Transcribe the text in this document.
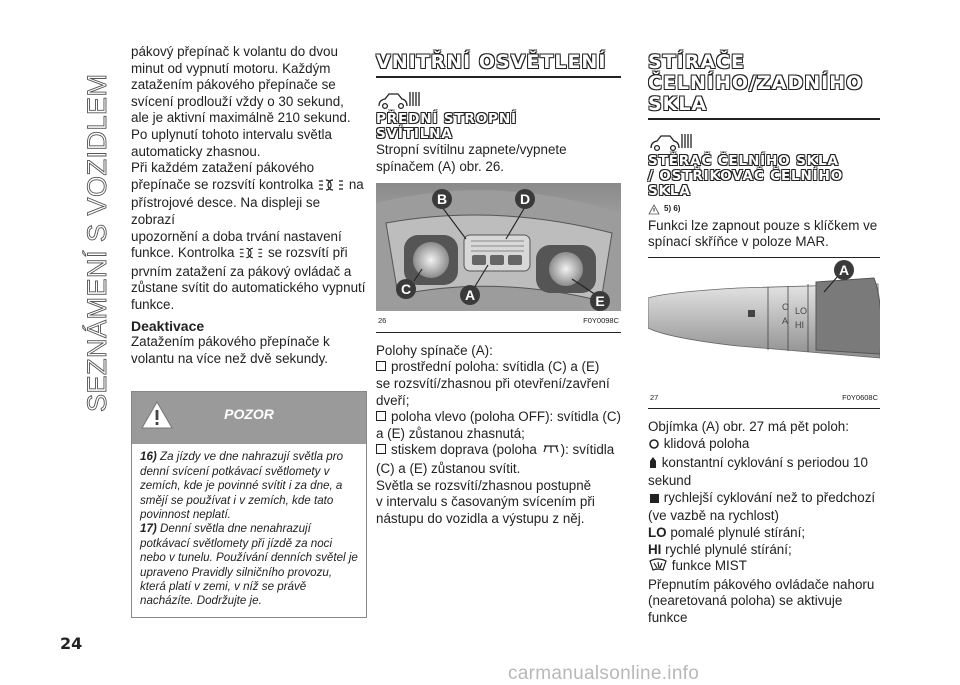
SEZNÁMENÍ S VOZIDLEM

pákový přepínač k volantu do dvou

minut od vypnutí motoru. Každým

zatažením pákového přepínače se

svícení prodlouží vždy o 30 sekund,

ale je aktivní maximálně 210 sekund.

Po uplynutí tohoto intervalu světla

automaticky zhasnou.

Při každém zatažení pákového

přepínače se rozsvítí kontrolka	na

přístrojové desce. Na displeji se zobrazí

upozornění a doba trvání nastavení

funkce. Kontrolka se rozsvítí při

prvním zatažení za pákový ovládač a

zůstane svítit do automatického vypnutí

funkce.

Deaktivace

Zatažením pákového přepínače k

volantu na více než dvě sekundy.

POZOR
16) Za jízdy ve dne nahrazují světla pro denní svícení potkávací světlomety v zemích, kde je povinné svítit i za dne, a smějí se používat i v zemích, kde tato povinnost neplatí.
17) Denní světla dne nenahrazují potkávací světlomety při jízdě za noci nebo v tunelu. Používání denních světel je upraveno Pravidly silničního provozu, která platí v zemi, v níž se právě nacházíte. Dodržujte je.
VNITŘNÍ OSVĚTLENÍ
PŘEDNÍ STROPNÍ
SVÍTILNA

Stropní svítilnu zapnete/vypnete

spínačem (A) obr. 26.

B	D
C	A	E
26	F0Y0098C

Polohy spínače (A):

prostřední poloha: svítidla (C) a (E)

se rozsvítí/zhasnou při otevření/zavření

dveří;

poloha vlevo (poloha OFF): svítidla (C)

a (E) zůstanou zhasnutá;

stiskem doprava (poloha ): svítidla

(C) a (E) zůstanou svítit.

Světla se rozsvítí/zhasnou postupně

v intervalu s časovaným svícením při

nástupu do vozidla a výstupu z něj.

STÍRAČE
ČELNÍHO/ZADNÍHO
SKLA
STĚRAČ ČELNÍHO SKLA
/ OSTŘIKOVAČ ČELNÍHO
SKLA
5) 6)

Funkci lze zapnout pouze s klíčkem ve

spínací skříňce v poloze MAR.

O
A
LO
HI
A
27	F0Y0608C

Objímka (A) obr. 27 má pět poloh:

klidová poloha

konstantní cyklování s periodou 10

sekund

rychlejší cyklování než to předchozí

(ve vazbě na rychlost)

LO pomalé plynulé stírání;

HI rychlé plynulé stírání;

funkce MIST

Přepnutím pákového ovládače nahoru

(nearetovaná poloha) se aktivuje funkce

24
carmanualsonline.info
